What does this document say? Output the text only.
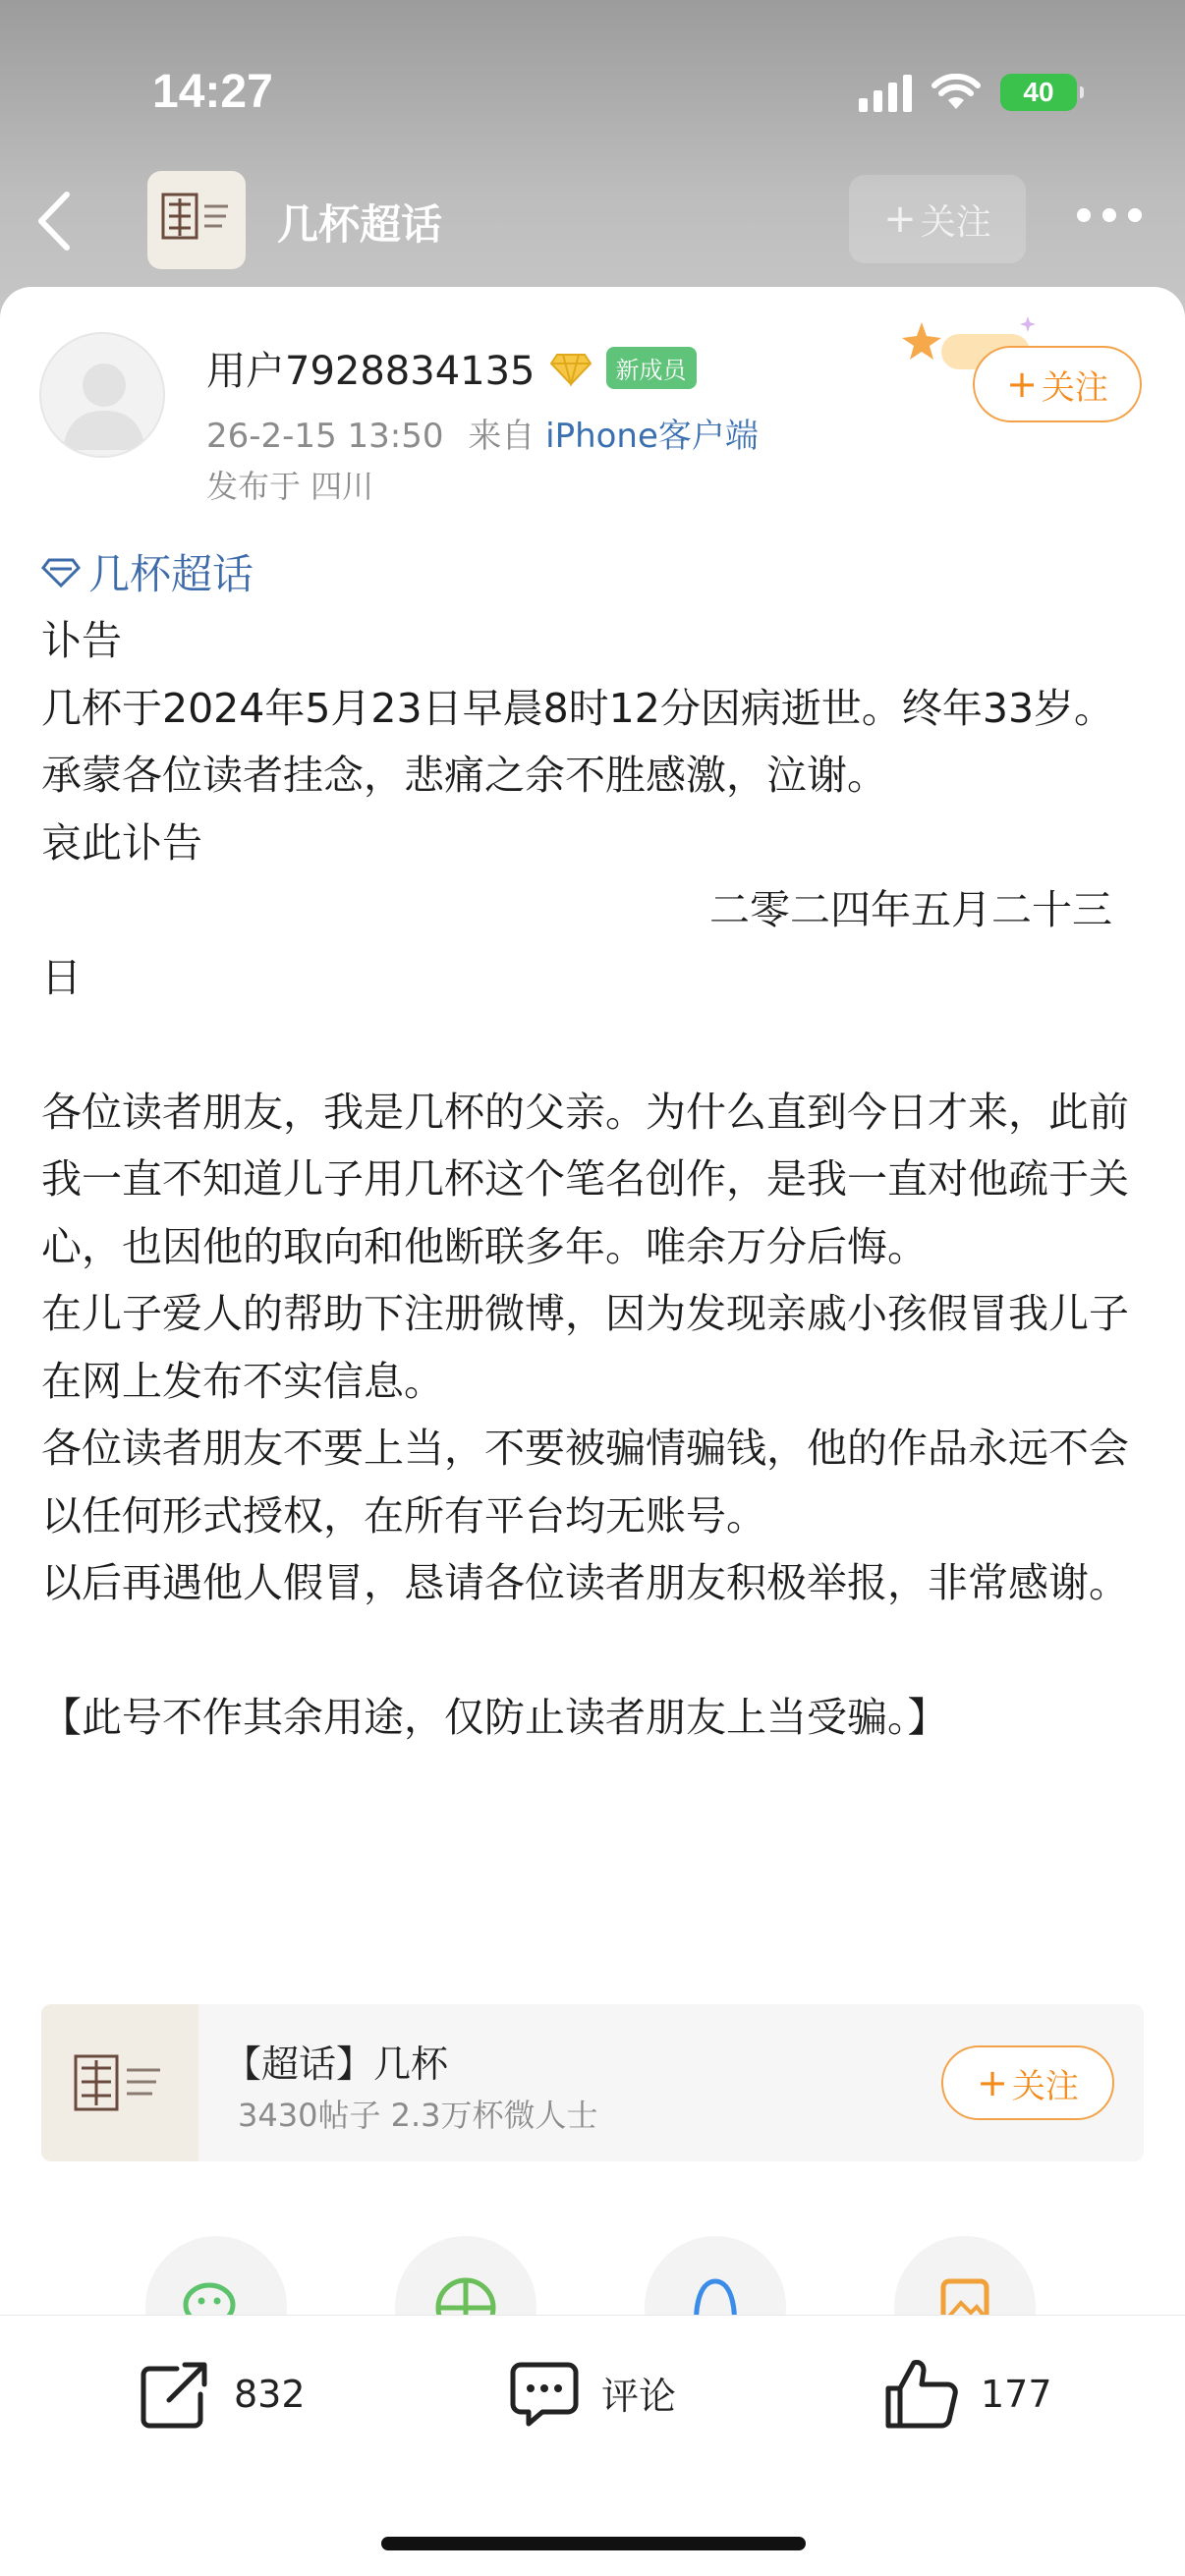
14:27	40
几杯超话	+ 关注
用户7928834135	新成员
26-2-15 13:50 来自 iPhone客户端
发布于 四川
+ 关注
几杯超话

讣告

几杯于2024年5月23日早晨8时12分因病逝世。终年33岁。承蒙各位读者挂念，悲痛之余不胜感激，泣谢。

哀此讣告

二零二四年五月二十三

日

各位读者朋友，我是几杯的父亲。为什么直到今日才来，此前我一直不知道儿子用几杯这个笔名创作，是我一直对他疏于关心，也因他的取向和他断联多年。唯余万分后悔。

在儿子爱人的帮助下注册微博，因为发现亲戚小孩假冒我儿子在网上发布不实信息。

各位读者朋友不要上当，不要被骗情骗钱，他的作品永远不会以任何形式授权，在所有平台均无账号。

以后再遇他人假冒，恳请各位读者朋友积极举报，非常感谢。

【此号不作其余用途，仅防止读者朋友上当受骗。】

【超话】几杯
3430帖子 2.3万杯微人士
+ 关注
832	评论	177
